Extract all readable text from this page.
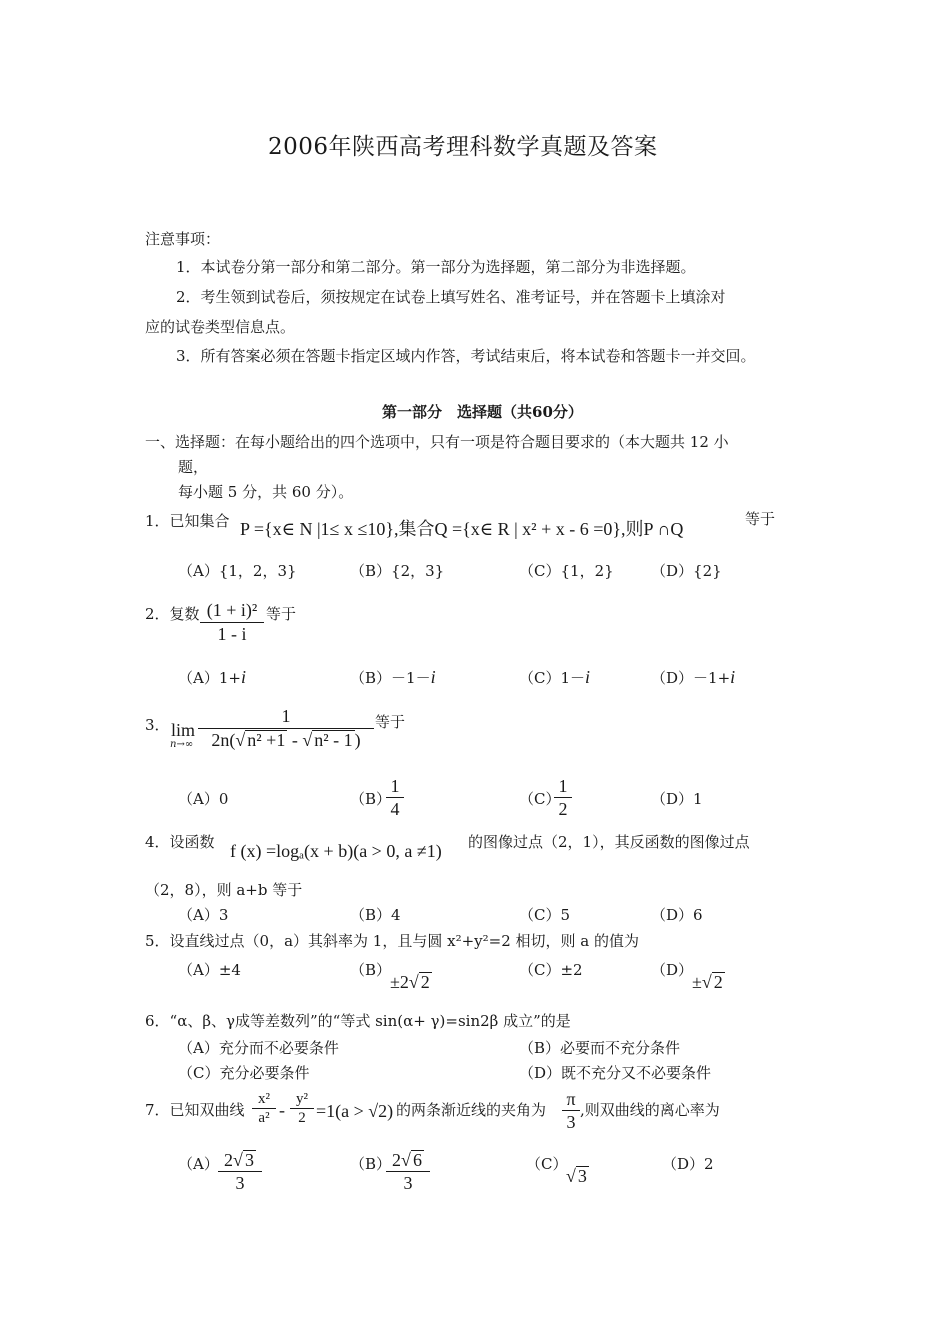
2006年陕西高考理科数学真题及答案
注意事项：
1．本试卷分第一部分和第二部分。第一部分为选择题，第二部分为非选择题。
2．考生领到试卷后，须按规定在试卷上填写姓名、准考证号，并在答题卡上填涂对
应的试卷类型信息点。
3．所有答案必须在答题卡指定区域内作答，考试结束后，将本试卷和答题卡一并交回。
第一部分　选择题（共60分）
一、选择题：在每小题给出的四个选项中，只有一项是符合题目要求的（本大题共 12 小
题，
每小题 5 分，共 60 分）。
1．已知集合 P ={x∈ N |1≤ x ≤10},集合Q ={x∈ R | x² + x - 6 =0},则P ∩Q	等于
（A）{1，2，3}	（B）{2，3}	（C）{1，2} （D）{2}
2．复数 $\frac{\text{(1 + i)²}}{1 - i}$ 等于
（A）1+i	（B）－1－i	（C）1－i	（D）－1+i
3． lim
$n\to\infty \frac{1}{\text{2n(√ n² +1 - √ n² - 1 )}}$ 等于
（A）0	（B）
$\frac{1}{4}$	（C）
$\frac{1}{2}$	（D）1
4．设函数 f (x) =logₐ(x + b)(a > 0, a ≠1) 的图像过点（2，1），其反函数的图像过点
（2，8），则 a+b 等于
（A）3	（B）4	（C）5	（D）6
5．设直线过点（0，a）其斜率为 1，且与圆 x²+y²=2 相切，则 a 的值为
（A）±4	（B）
±2√ 2
（C）±2	（D）
±√ 2
6．“α、β、γ成等差数列”的“等式 sin(α+ γ)=sin2β 成立”的是
（A）充分而不必要条件	（B）必要而不充分条件
（C）充分必要条件	（D）既不充分又不必要条件
7．已知双曲线 $\frac{\text{x²}}{\text{a²}} - \frac{\text{y²}}{2} =1(a > √2)$ 的两条渐近线的夹角为 $\frac{\pi}{3}$ ,则双曲线的离心率为
$(A) \frac{2√ 3}{3}$	（B）
$\frac{2√ 6}{3}$	（C）
√ 3
（D）2
